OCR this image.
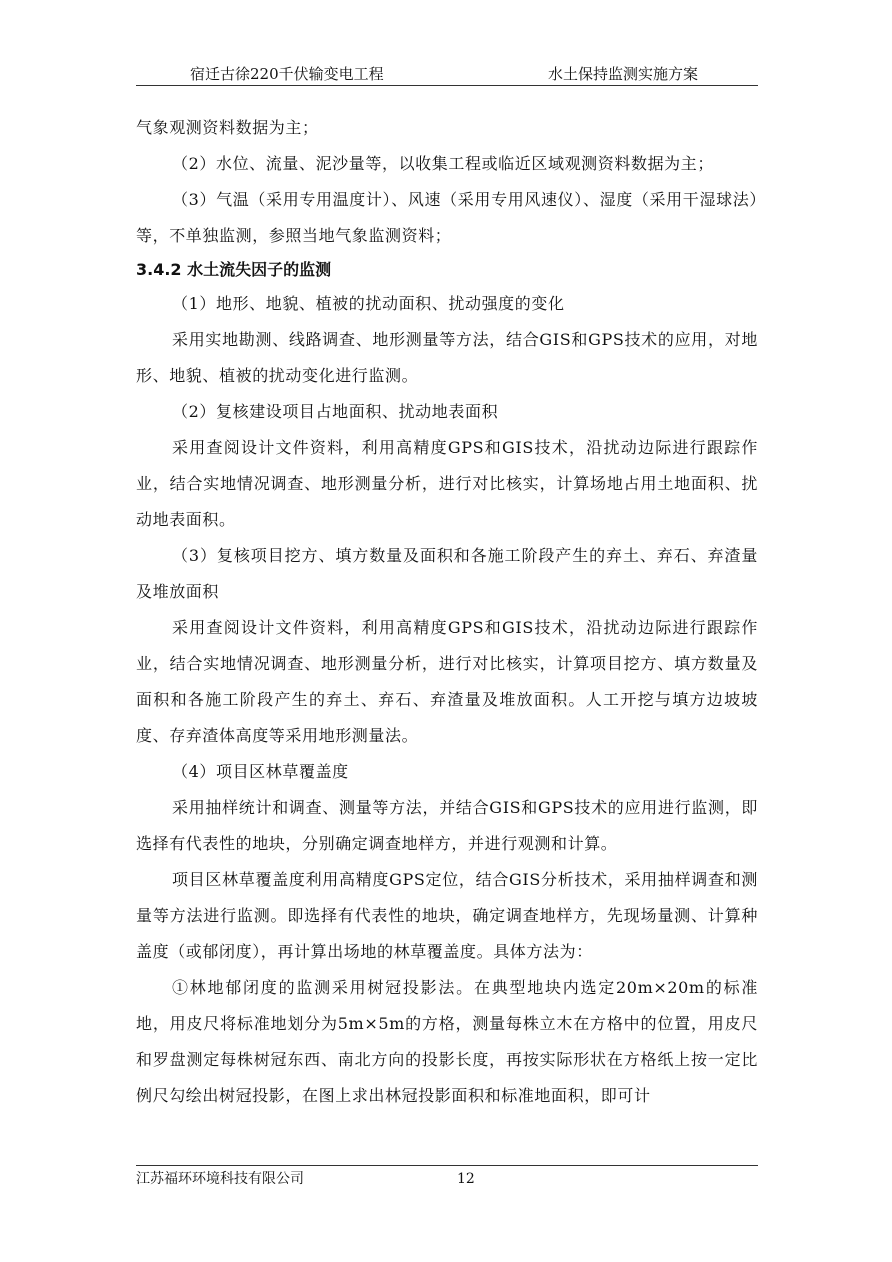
宿迁古徐220千伏输变电工程	水土保持监测实施方案

气象观测资料数据为主；

（2）水位、流量、泥沙量等，以收集工程或临近区域观测资料数据为主；

（3）气温（采用专用温度计）、风速（采用专用风速仪）、湿度（采用干湿球法）等，不单独监测，参照当地气象监测资料；

3.4.2 水土流失因子的监测

（1）地形、地貌、植被的扰动面积、扰动强度的变化

采用实地勘测、线路调查、地形测量等方法，结合GIS和GPS技术的应用，对地形、地貌、植被的扰动变化进行监测。

（2）复核建设项目占地面积、扰动地表面积

采用查阅设计文件资料，利用高精度GPS和GIS技术，沿扰动边际进行跟踪作业，结合实地情况调查、地形测量分析，进行对比核实，计算场地占用土地面积、扰动地表面积。

（3）复核项目挖方、填方数量及面积和各施工阶段产生的弃土、弃石、弃渣量及堆放面积

采用查阅设计文件资料，利用高精度GPS和GIS技术，沿扰动边际进行跟踪作业，结合实地情况调查、地形测量分析，进行对比核实，计算项目挖方、填方数量及面积和各施工阶段产生的弃土、弃石、弃渣量及堆放面积。人工开挖与填方边坡坡度、存弃渣体高度等采用地形测量法。

（4）项目区林草覆盖度

采用抽样统计和调查、测量等方法，并结合GIS和GPS技术的应用进行监测，即选择有代表性的地块，分别确定调查地样方，并进行观测和计算。

项目区林草覆盖度利用高精度GPS定位，结合GIS分析技术，采用抽样调查和测量等方法进行监测。即选择有代表性的地块，确定调查地样方，先现场量测、计算种盖度（或郁闭度），再计算出场地的林草覆盖度。具体方法为：

①林地郁闭度的监测采用树冠投影法。在典型地块内选定20m×20m的标准地，用皮尺将标准地划分为5m×5m的方格，测量每株立木在方格中的位置，用皮尺和罗盘测定每株树冠东西、南北方向的投影长度，再按实际形状在方格纸上按一定比例尺勾绘出树冠投影，在图上求出林冠投影面积和标准地面积，即可计

江苏福环环境科技有限公司	12
